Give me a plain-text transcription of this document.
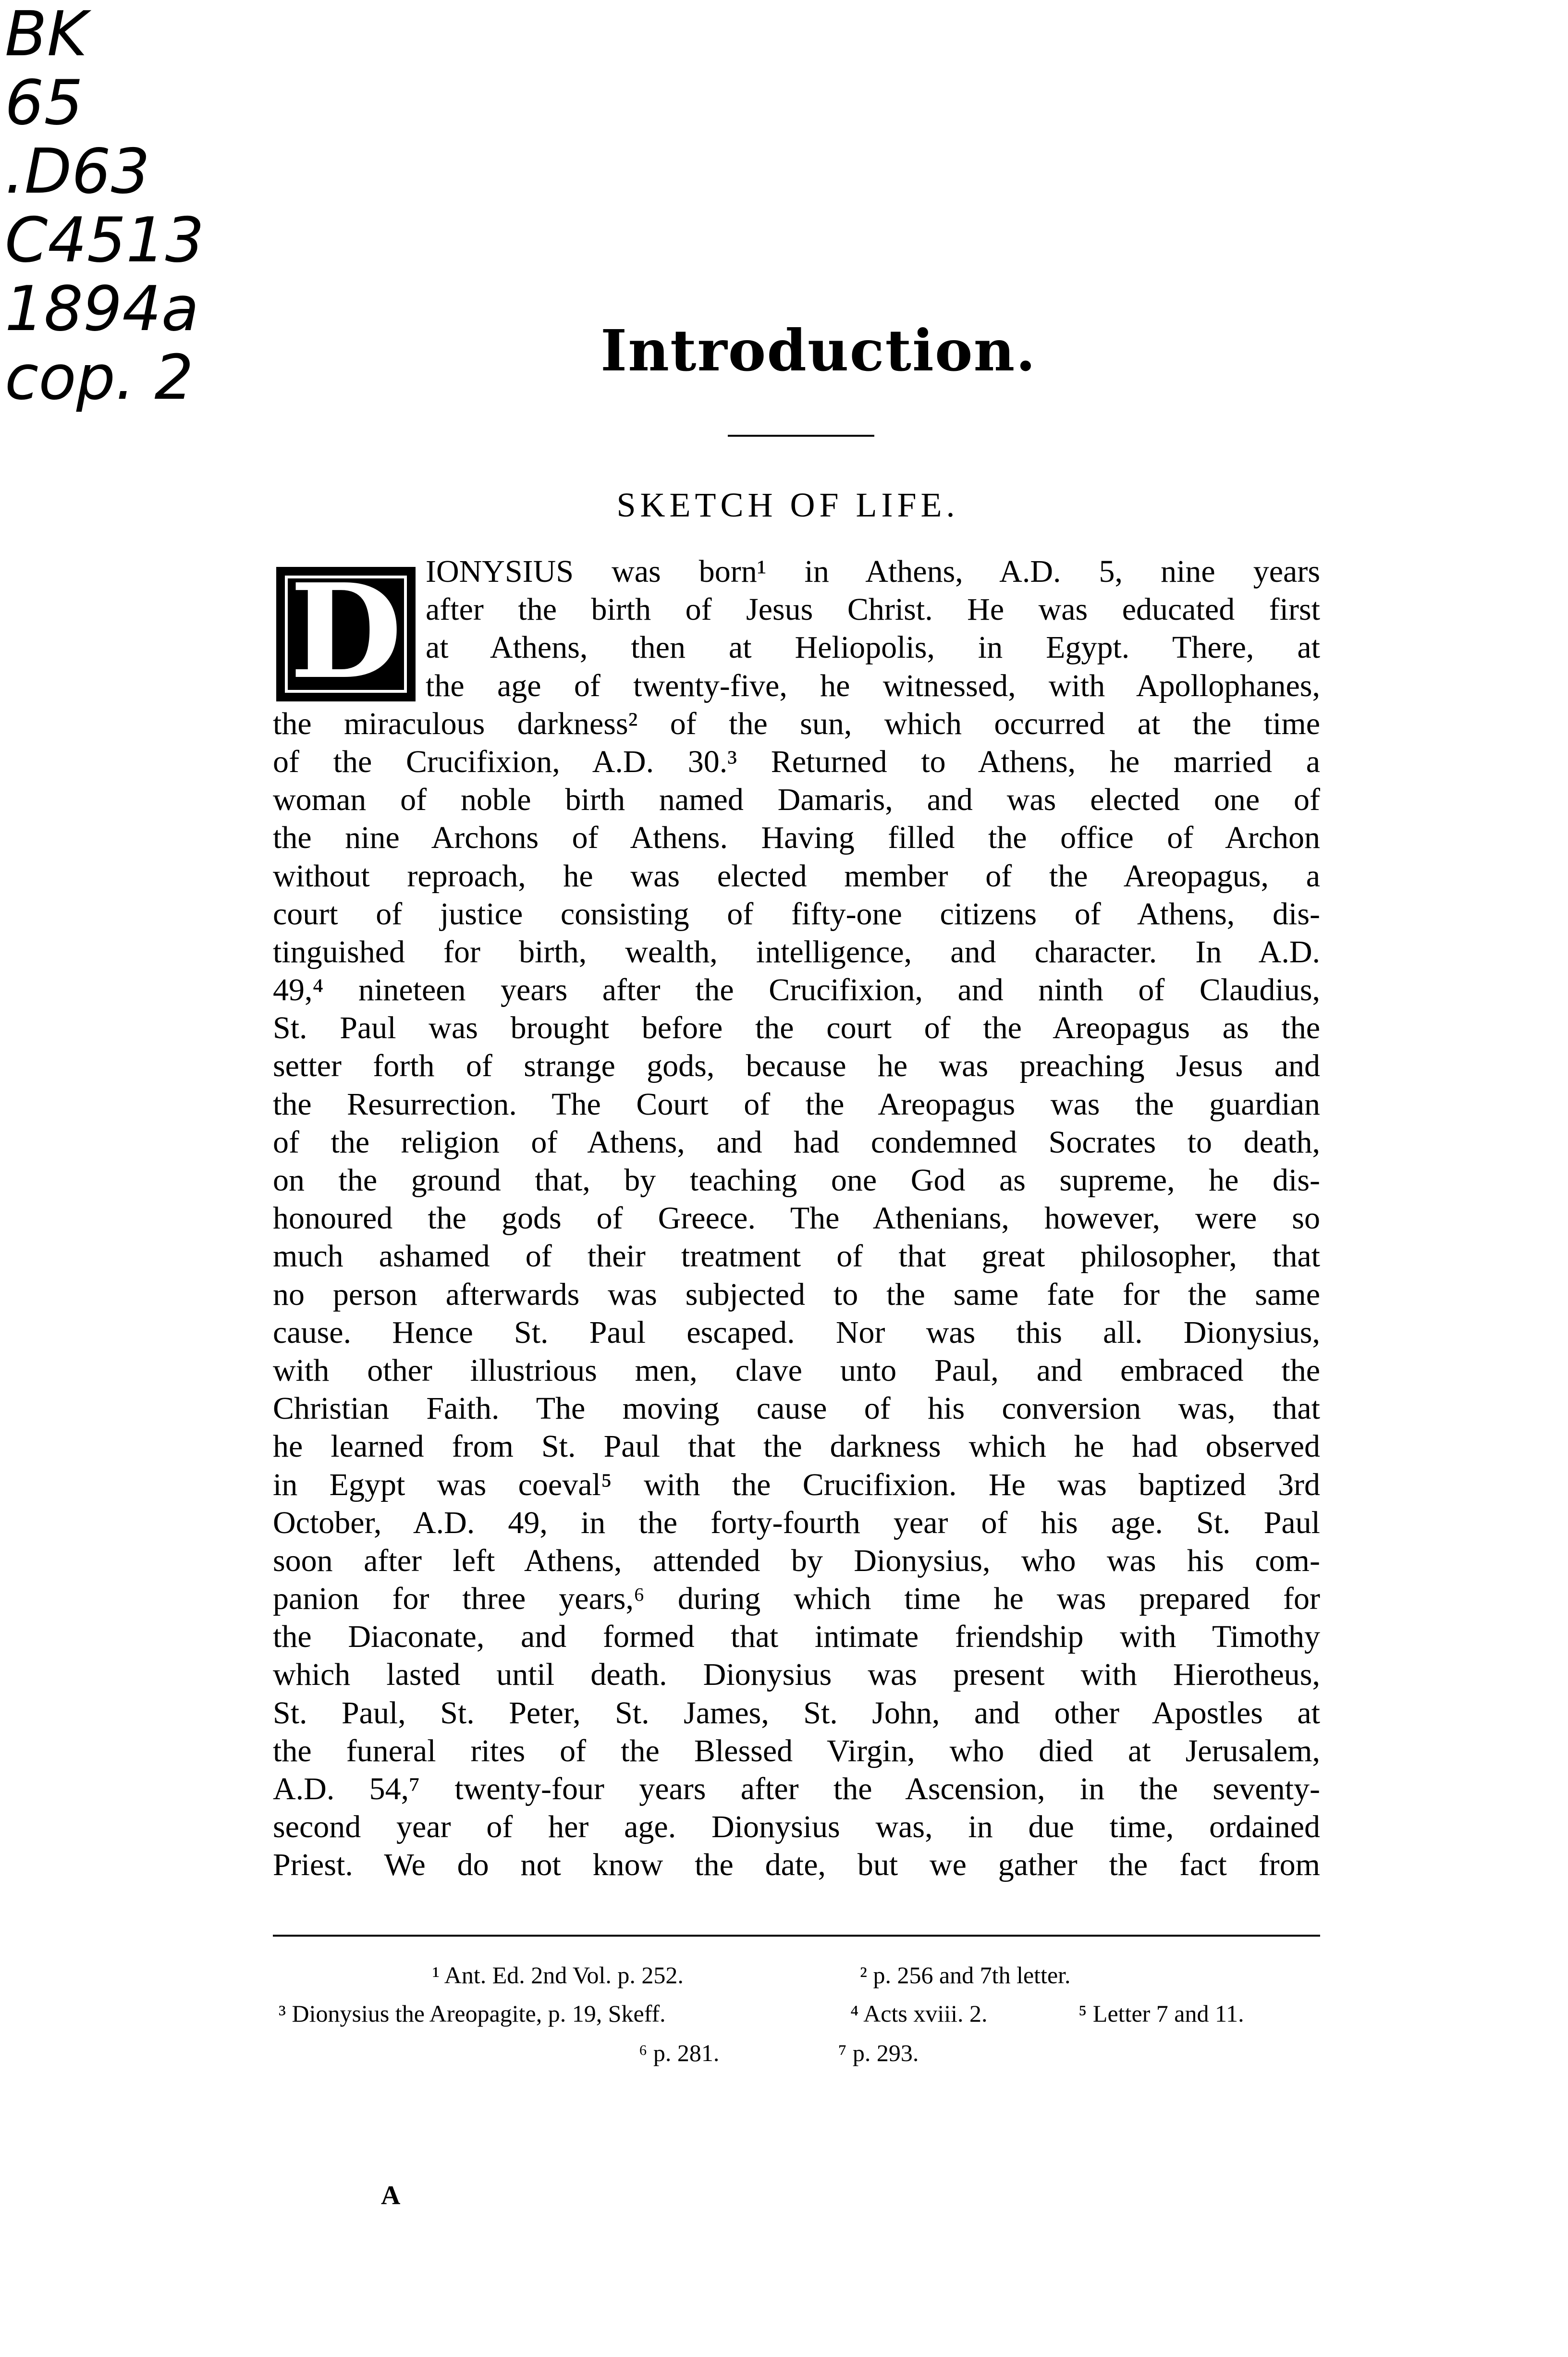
BK
65
.D63
C4513
1894a
cop. 2	Introduction.
SKETCH OF LIFE.
D IONYSIUS was born¹ in Athens, A.D. 5, nine years
after the birth of Jesus Christ. He was educated first
at Athens, then at Heliopolis, in Egypt. There, at
the age of twenty-five, he witnessed, with Apollophanes,
the miraculous darkness² of the sun, which occurred at the time
of the Crucifixion, A.D. 30.³ Returned to Athens, he married a
woman of noble birth named Damaris, and was elected one of
the nine Archons of Athens. Having filled the office of Archon
without reproach, he was elected member of the Areopagus, a
court of justice consisting of fifty-one citizens of Athens, dis-
tinguished for birth, wealth, intelligence, and character. In A.D.
49,⁴ nineteen years after the Crucifixion, and ninth of Claudius,
St. Paul was brought before the court of the Areopagus as the
setter forth of strange gods, because he was preaching Jesus and
the Resurrection. The Court of the Areopagus was the guardian
of the religion of Athens, and had condemned Socrates to death,
on the ground that, by teaching one God as supreme, he dis-
honoured the gods of Greece. The Athenians, however, were so
much ashamed of their treatment of that great philosopher, that
no person afterwards was subjected to the same fate for the same
cause. Hence St. Paul escaped. Nor was this all. Dionysius,
with other illustrious men, clave unto Paul, and embraced the
Christian Faith. The moving cause of his conversion was, that
he learned from St. Paul that the darkness which he had observed
in Egypt was coeval⁵ with the Crucifixion. He was baptized 3rd
October, A.D. 49, in the forty-fourth year of his age. St. Paul
soon after left Athens, attended by Dionysius, who was his com-
panion for three years,⁶ during which time he was prepared for
the Diaconate, and formed that intimate friendship with Timothy
which lasted until death. Dionysius was present with Hierotheus,
St. Paul, St. Peter, St. James, St. John, and other Apostles at
the funeral rites of the Blessed Virgin, who died at Jerusalem,
A.D. 54,⁷ twenty-four years after the Ascension, in the seventy-
second year of her age. Dionysius was, in due time, ordained
Priest. We do not know the date, but we gather the fact from
¹ Ant. Ed. 2nd Vol. p. 252.	² p. 256 and 7th letter.
³ Dionysius the Areopagite, p. 19, Skeff.	⁴ Acts xviii. 2.	⁵ Letter 7 and 11.
⁶ p. 281.	⁷ p. 293.
A
